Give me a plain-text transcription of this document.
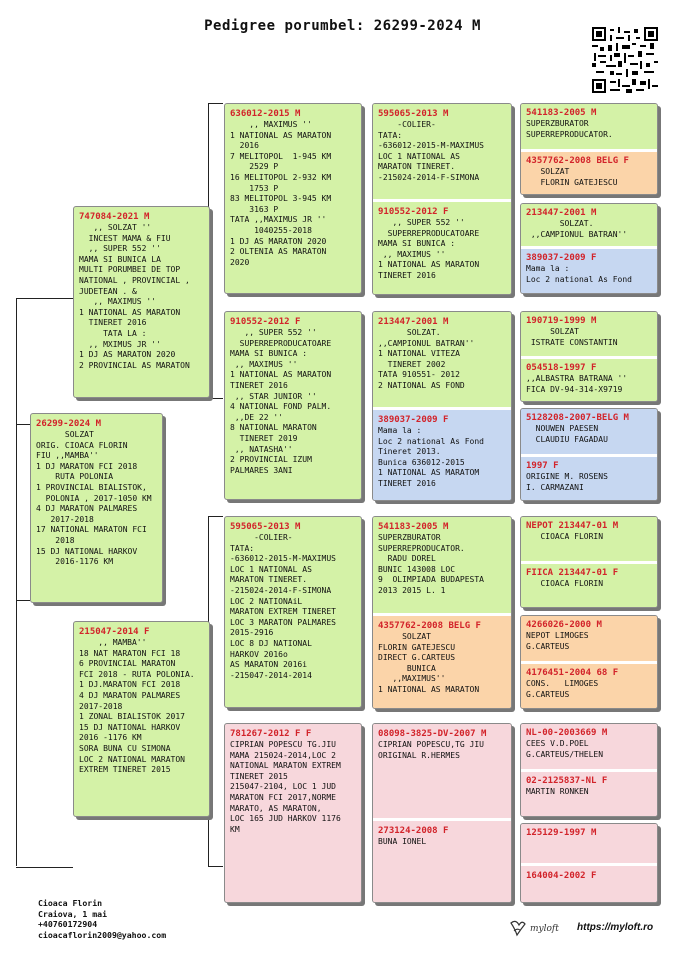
Pedigree porumbel: 26299-2024 M
26299-2024 M
SOLZAT
ORIG. CIOACA FLORIN
FIU ,,MAMBA''
1 DJ MARATON FCI 2018
RUTA POLONIA
1 PROVINCIAL BIALISTOK,
POLONIA , 2017-1050 KM
4 DJ MARATON PALMARES
2017-2018
17 NATIONAL MARATON FCI
2018
15 DJ NATIONAL HARKOV
2016-1176 KM
747084-2021 M
,, SOLZAT ''
INCEST MAMA & FIU
,, SUPER 552 ''
MAMA SI BUNICA LA
MULTI PORUMBEI DE TOP
NATIONAL , PROVINCIAL ,
JUDETEAN . &
,, MAXIMUS ''
1 NATIONAL AS MARATON
TINERET 2016
TATA LA :
,, MXIMUS JR ''
1 DJ AS MARATON 2020
2 PROVINCIAL AS MARATON
215047-2014 F
,, MAMBA''
18 NAT MARATON FCI 18
6 PROVINCIAL MARATON
FCI 2018 - RUTA POLONIA.
1 DJ.MARATON FCI 2018
4 DJ MARATON PALMARES
2017-2018
1 ZONAL BIALISTOK 2017
15 DJ NATIONAL HARKOV
2016 -1176 KM
SORA BUNA CU SIMONA
LOC 2 NATIONAL MARATON
EXTREM TINERET 2015
636012-2015 M
,, MAXIMUS ''
1 NATIONAL AS MARATON
2016
7 MELITOPOL  1-945 KM
2529 P
16 MELITOPOL 2-932 KM
1753 P
83 MELITOPOL 3-945 KM
3163 P
TATA ,,MAXIMUS JR ''
1040255-2018
1 DJ AS MARATON 2020
2 OLTENIA AS MARATON
2020
910552-2012 F
,, SUPER 552 ''
SUPERREPRODUCATOARE
MAMA SI BUNICA :
,, MAXIMUS ''
1 NATIONAL AS MARATON
TINERET 2016
,, STAR JUNIOR ''
4 NATIONAL FOND PALM.
,,DE 22 ''
8 NATIONAL MARATON
TINERET 2019
,, NATASHA''
2 PROVINCIAL IZUM
PALMARES 3ANI
595065-2013 M
-COLIER-
TATA:
-636012-2015-M-MAXIMUS
LOC 1 NATIONAL AS
MARATON TINERET.
-215024-2014-F-SIMONA
LOC 2 NATIONAiL
MARATON EXTREM TINERET
LOC 3 MARATON PALMARES
2015-2916
LOC 8 DJ NATIONAL
HARKOV 2016o
AS MARATON 2016i
-215047-2014-2014
781267-2012 F F
CIPRIAN POPESCU TG.JIU
MAMA 215024-2014,LOC 2
NATIONAL MARATON EXTREM
TINERET 2015
215047-2104, LOC 1 JUD
MARATON FCI 2017,NORME
MARATO, AS MARATON,
LOC 165 JUD HARKOV 1176
KM
595065-2013 M
-COLIER-
TATA:
-636012-2015-M-MAXIMUS
LOC 1 NATIONAL AS
MARATON TINERET.
-215024-2014-F-SIMONA
910552-2012 F
,, SUPER 552 ''
SUPERREPRODUCATOARE
MAMA SI BUNICA :
,, MAXIMUS ''
1 NATIONAL AS MARATON
TINERET 2016
213447-2001 M
SOLZAT.
,,CAMPIONUL BATRAN''
1 NATIONAL VITEZA
TINERET 2002
TATA 910551- 2012
2 NATIONAL AS FOND
389037-2009 F
Mama la :
Loc 2 national As Fond
Tineret 2013.
Bunica 636012-2015
1 NATIONAL AS MARATOM
TINERET 2016
541183-2005 M
SUPERZBURATOR
SUPERREPRODUCATOR.
RADU DOREL
BUNIC 143008 LOC
9  OLIMPIADA BUDAPESTA
2013 2015 L. 1
4357762-2008 BELG F
SOLZAT
FLORIN GATEJESCU
DIRECT G.CARTEUS
BUNICA
,,MAXIMUS''
1 NATIONAL AS MARATON
08098-3825-DV-2007 M
CIPRIAN POPESCU,TG JIU
ORIGINAL R.HERMES
273124-2008 F
BUNA IONEL
541183-2005 M
SUPERZBURATOR
SUPERREPRODUCATOR.
4357762-2008 BELG F
SOLZAT
FLORIN GATEJESCU
213447-2001 M
SOLZAT.
,,CAMPIONUL BATRAN''
389037-2009 F
Mama la :
Loc 2 national As Fond
190719-1999 M
SOLZAT
ISTRATE CONSTANTIN
054518-1997 F
,,ALBASTRA BATRANA ''
FICA DV-94-314-X9719
5128208-2007-BELG M
NOUWEN PAESEN
CLAUDIU FAGADAU
1997 F
ORIGINE M. ROSENS
I. CARMAZANI
NEPOT 213447-01 M
CIOACA FLORIN
FIICA 213447-01 F
CIOACA FLORIN
4266026-2000 M
NEPOT LIMOGES
G.CARTEUS
4176451-2004 68 F
CONS.   LIMOGES
G.CARTEUS
NL-00-2003669 M
CEES V.D.POEL
G.CARTEUS/THELEN
02-2125837-NL F
MARTIN RONKEN
125129-1997 M
164004-2002 F
Cioaca Florin
Craiova, 1 mai
+40760172904
cioacaflorin2009@yahoo.com
myloft https://myloft.ro
